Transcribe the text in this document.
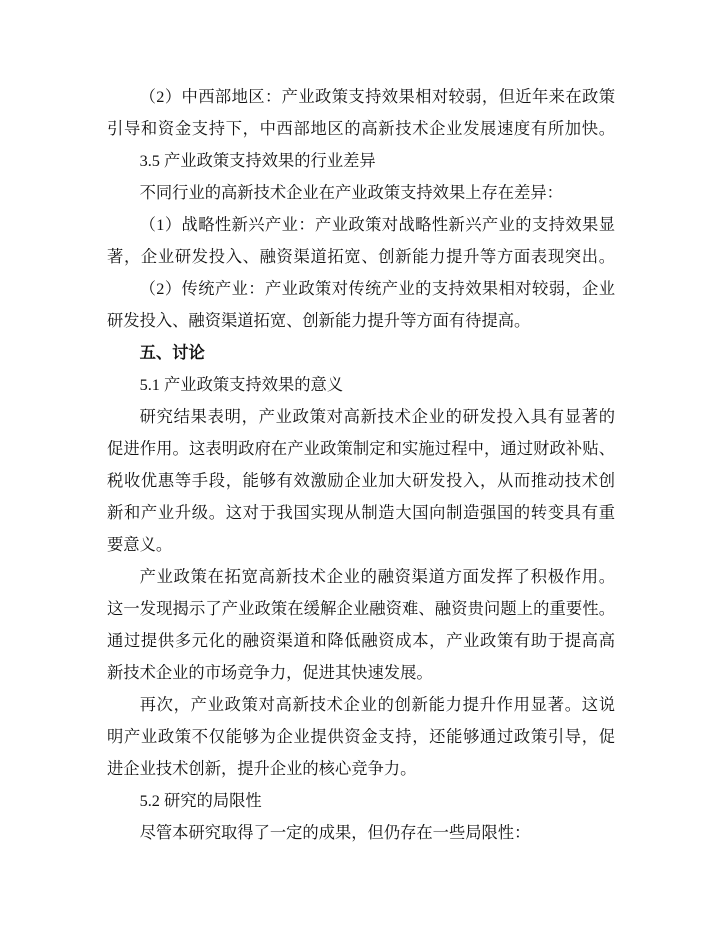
（2）中西部地区：产业政策支持效果相对较弱，但近年来在政策
引导和资金支持下，中西部地区的高新技术企业发展速度有所加快。
3.5 产业政策支持效果的行业差异
不同行业的高新技术企业在产业政策支持效果上存在差异：
（1）战略性新兴产业：产业政策对战略性新兴产业的支持效果显
著，企业研发投入、融资渠道拓宽、创新能力提升等方面表现突出。
（2）传统产业：产业政策对传统产业的支持效果相对较弱，企业
研发投入、融资渠道拓宽、创新能力提升等方面有待提高。
五、讨论
5.1 产业政策支持效果的意义
研究结果表明，产业政策对高新技术企业的研发投入具有显著的
促进作用。这表明政府在产业政策制定和实施过程中，通过财政补贴、
税收优惠等手段，能够有效激励企业加大研发投入，从而推动技术创
新和产业升级。这对于我国实现从制造大国向制造强国的转变具有重
要意义。
产业政策在拓宽高新技术企业的融资渠道方面发挥了积极作用。
这一发现揭示了产业政策在缓解企业融资难、融资贵问题上的重要性。
通过提供多元化的融资渠道和降低融资成本，产业政策有助于提高高
新技术企业的市场竞争力，促进其快速发展。
再次，产业政策对高新技术企业的创新能力提升作用显著。这说
明产业政策不仅能够为企业提供资金支持，还能够通过政策引导，促
进企业技术创新，提升企业的核心竞争力。
5.2 研究的局限性
尽管本研究取得了一定的成果，但仍存在一些局限性：
